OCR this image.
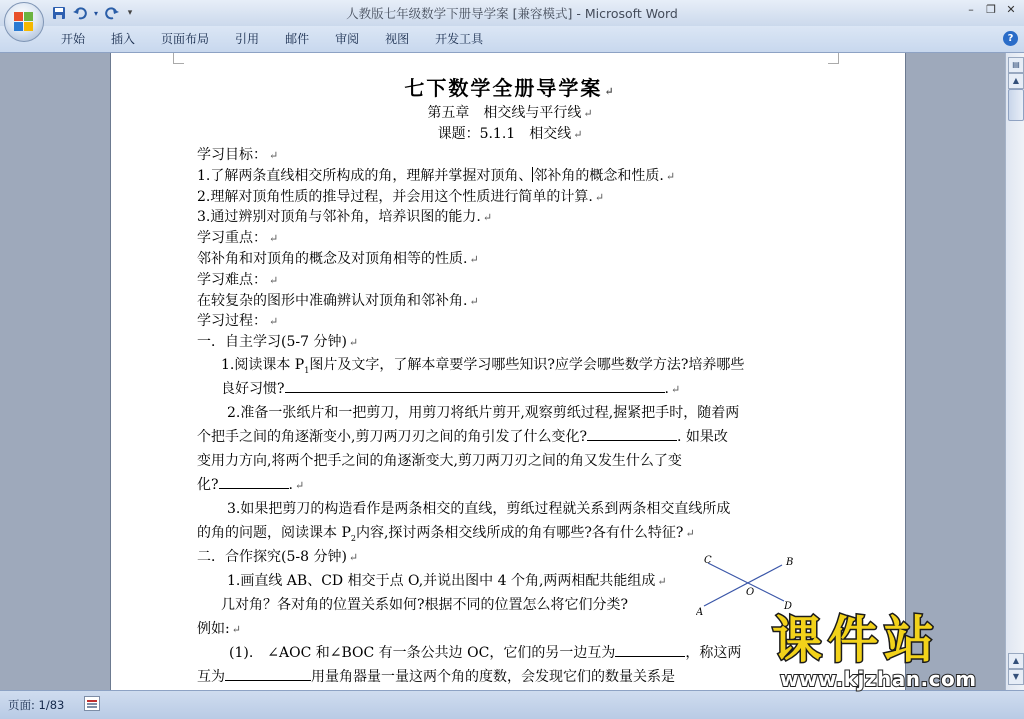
▾	▾	人教版七年级数学下册导学案 [兼容模式] - Microsoft Word	–	❐ ✕
开始	插入	页面布局	引用	邮件	审阅	视图	开发工具	?
七下数学全册导学案 ↵
第五章　相交线与平行线 ↵
课题：5.1.1　相交线 ↵
学习目标： ↵
1.了解两条直线相交所构成的角，理解并掌握对顶角、邻补角的概念和性质. ↵
2.理解对顶角性质的推导过程，并会用这个性质进行简单的计算. ↵
3.通过辨别对顶角与邻补角，培养识图的能力. ↵
学习重点： ↵
邻补角和对顶角的概念及对顶角相等的性质. ↵
学习难点： ↵
在较复杂的图形中准确辨认对顶角和邻补角. ↵
学习过程： ↵
一．自主学习(5-7 分钟) ↵
1.阅读课本 $P_1$图片及文字，了解本章要学习哪些知识?应学会哪些数学方法?培养哪些
良好习惯?	. ↵
2.准备一张纸片和一把剪刀，用剪刀将纸片剪开,观察剪纸过程,握紧把手时，随着两
个把手之间的角逐渐变小,剪刀两刀刃之间的角引发了什么变化?	. 如果改
变用力方向,将两个把手之间的角逐渐变大,剪刀两刀刃之间的角又发生什么了变
化?	. ↵
3.如果把剪刀的构造看作是两条相交的直线，剪纸过程就关系到两条相交直线所成
的角的问题，阅读课本 $P_2$内容,探讨两条相交线所成的角有哪些?各有什么特征? ↵
二．合作探究(5-8 分钟) ↵
1.画直线 AB、CD 相交于点 O,并说出图中 4 个角,两两相配共能组成 ↵
几对角？各对角的位置关系如何?根据不同的位置怎么将它们分类?
例如: ↵
(1).　∠AOC 和∠BOC 有一条公共边 OC，它们的另一边互为	，称这两
互为	用量角器量一量这两个角的度数，会发现它们的数量关系是
C	B
O
A
D
▤
▲
▲
▼
页面: 1/83
课件站
www.kjzhan.com
